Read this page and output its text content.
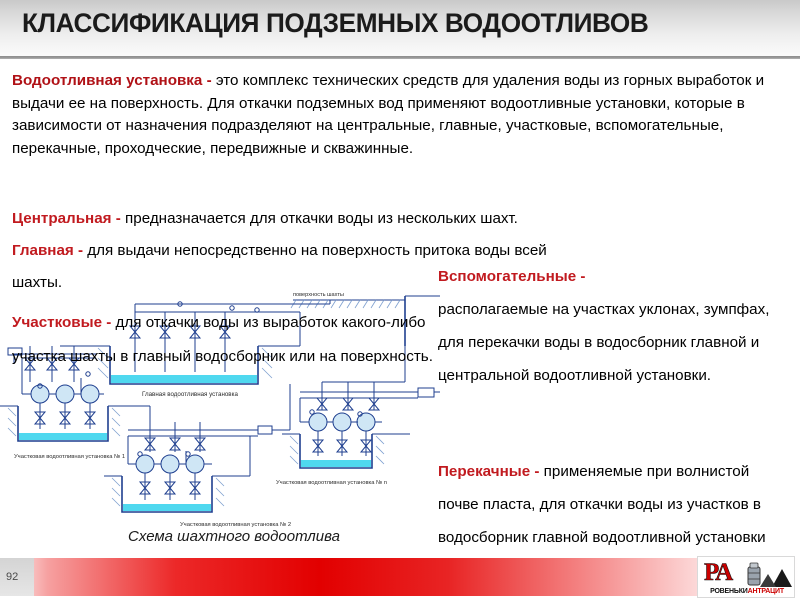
КЛАССИФИКАЦИЯ ПОДЗЕМНЫХ ВОДООТЛИВОВ
поверхность шахты
Главная водоотливная установка
Участковая водоотливная установка № 1
Участковая водоотливная установка № 2
Участковая водоотливная установка № n
Схема шахтного водоотлива
Водоотливная установка - это комплекс технических средств для удаления воды из горных выработок и выдачи ее на поверхность. Для откачки подземных вод применяют водоотливные установки, которые в зависимости от назначения подразделяют на центральные, главные, участковые, вспомогательные, перекачные, проходческие, передвижные и скважинные.
Центральная - предназначается для откачки воды из нескольких шахт.
Главная - для выдачи непосредственно на поверхность притока воды всей
шахты.
Участковые - для откачки воды из выработок какого-либо участка шахты в главный водосборник или на поверхность.
Вспомогательные -
располагаемые на участках уклонах, зумпфах, для перекачки воды в водосборник главной и центральной водоотливной установки.
Перекачные - применяемые при волнистой почве пласта, для откачки воды из участков в водосборник главной водоотливной установки
92	РА
РОВЕНЬКИАНТРАЦИТ
